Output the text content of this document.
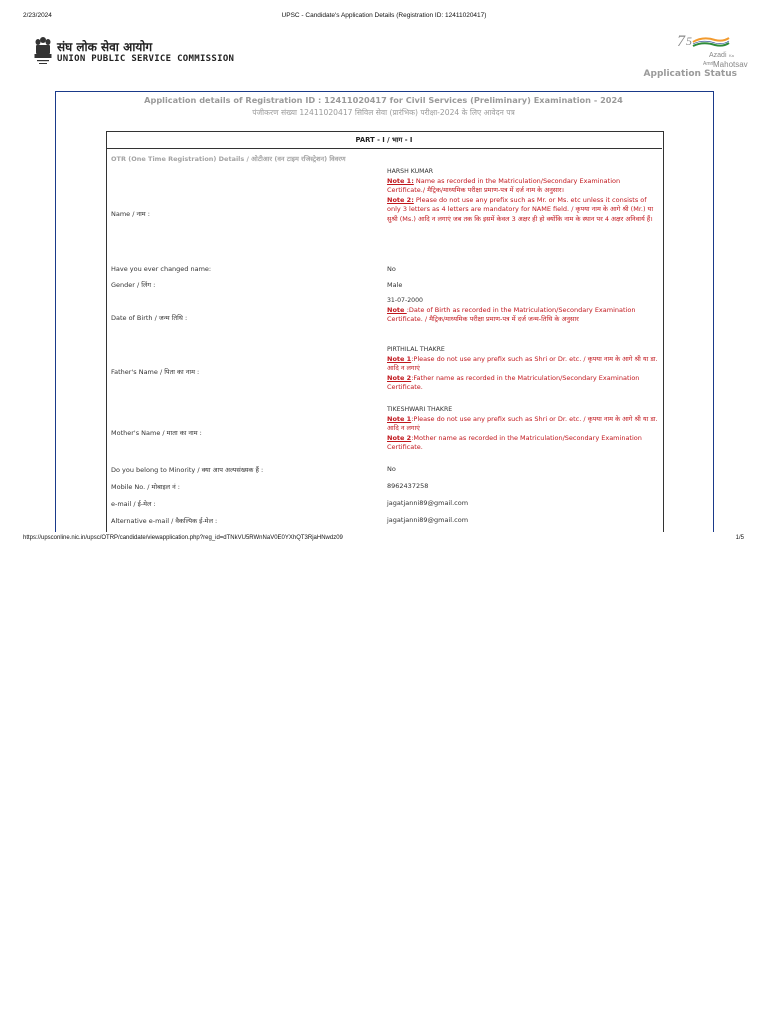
2/23/2024	UPSC - Candidate's Application Details (Registration ID: 12411020417)
संघ लोक सेवा आयोग
UNION PUBLIC SERVICE COMMISSION
7 5
Azadi Ka
Amrit
Mahotsav
Application Status
Application details of Registration ID : 12411020417 for Civil Services (Preliminary) Examination - 2024
पंजीकरण संख्या 12411020417 सिविल सेवा (प्रारंभिक) परीक्षा-2024 के लिए आवेदन पत्र
PART - I / भाग - I
OTR (One Time Registration) Details / ओटीआर (वन टाइम रजिस्ट्रेशन) विवरण
Name / नाम :
HARSH KUMAR
Note 1: Name as recorded in the Matriculation/Secondary Examination Certificate./ मैट्रिक/माध्यमिक परीक्षा प्रमाण-पत्र में दर्ज नाम के अनुसार।
Note 2: Please do not use any prefix such as Mr. or Ms. etc unless it consists of only 3 letters as 4 letters are mandatory for NAME field. / कृपया नाम के आगे श्री (Mr.) या सुश्री (Ms.) आदि न लगाएं जब तक कि इसमें केवल 3 अक्षर ही हो क्योंकि नाम के स्थान पर 4 अक्षर अनिवार्य हैं।
Have you ever changed name:	No
Gender / लिंग :	Male
Date of Birth / जन्म तिथि :
31-07-2000
Note :Date of Birth as recorded in the Matriculation/Secondary Examination Certificate. / मैट्रिक/माध्यमिक परीक्षा प्रमाण-पत्र में दर्ज जन्म-तिथि के अनुसार
Father's Name / पिता का नाम :
PIRTHILAL THAKRE
Note 1:Please do not use any prefix such as Shri or Dr. etc. / कृपया नाम के आगे श्री या डा. आदि न लगाएं
Note 2:Father name as recorded in the Matriculation/Secondary Examination Certificate.
Mother's Name / माता का नाम :
TIKESHWARI THAKRE
Note 1:Please do not use any prefix such as Shri or Dr. etc. / कृपया नाम के आगे श्री या डा. आदि न लगाएं
Note 2:Mother name as recorded in the Matriculation/Secondary Examination Certificate.
Do you belong to Minority / क्या आप अल्पसंख्यक हैं :	No
Mobile No. / मोबाइल नं :	8962437258
e-mail / ई-मेल :	jagatjanni89@gmail.com
Alternative e-mail / वैकल्पिक ई-मेल :	jagatjanni89@gmail.com
https://upsconline.nic.in/upsc/OTRP/candidate/viewapplication.php?reg_id=dTNkVU5RWnNaV0E0YXhQT3RjaHNwdz09	1/5
